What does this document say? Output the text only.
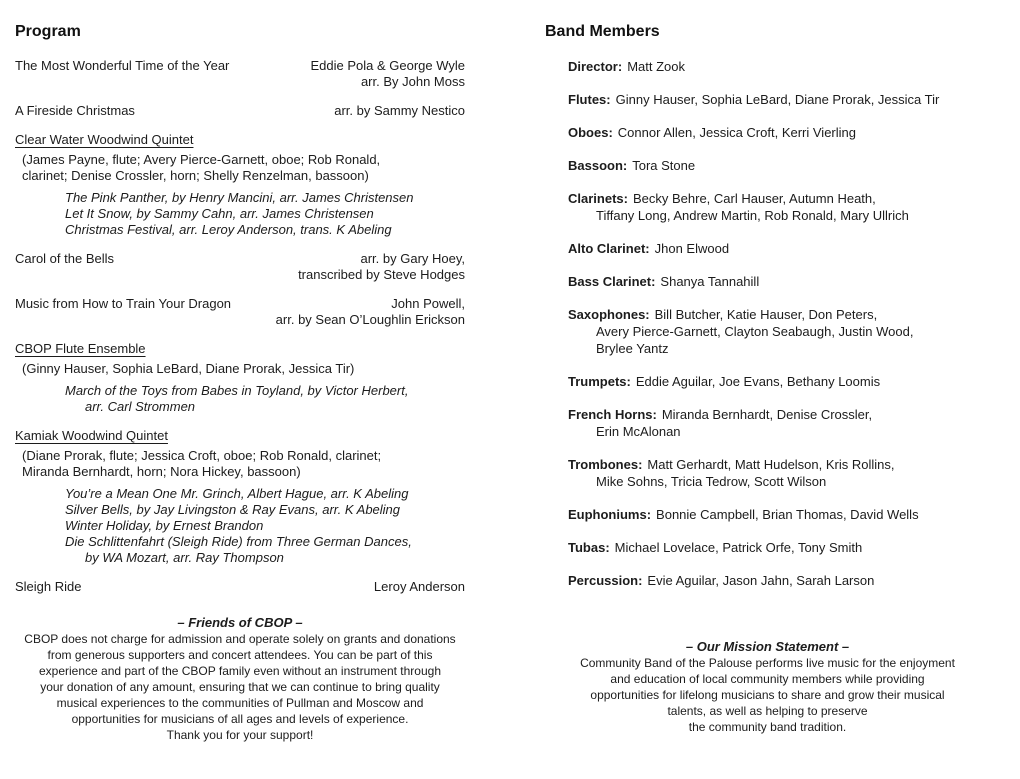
Program
The Most Wonderful Time of the Year	Eddie Pola & George Wyle
arr. By John Moss
A Fireside Christmas	arr. by Sammy Nestico
Clear Water Woodwind Quintet
(James Payne, flute; Avery Pierce-Garnett, oboe; Rob Ronald,
clarinet; Denise Crossler, horn; Shelly Renzelman, bassoon)
The Pink Panther, by Henry Mancini, arr. James Christensen
Let It Snow, by Sammy Cahn, arr. James Christensen
Christmas Festival, arr. Leroy Anderson, trans. K Abeling
Carol of the Bells	arr. by Gary Hoey,
transcribed by Steve Hodges
Music from How to Train Your Dragon	John Powell,
arr. by Sean O’Loughlin Erickson
CBOP Flute Ensemble
(Ginny Hauser, Sophia LeBard, Diane Prorak, Jessica Tir)
March of the Toys from Babes in Toyland, by Victor Herbert,
arr. Carl Strommen
Kamiak Woodwind Quintet
(Diane Prorak, flute; Jessica Croft, oboe; Rob Ronald, clarinet;
Miranda Bernhardt, horn; Nora Hickey, bassoon)
You’re a Mean One Mr. Grinch, Albert Hague, arr. K Abeling
Silver Bells, by Jay Livingston & Ray Evans, arr. K Abeling
Winter Holiday, by Ernest Brandon
Die Schlittenfahrt (Sleigh Ride) from Three German Dances,
by WA Mozart, arr. Ray Thompson
Sleigh Ride	Leroy Anderson
– Friends of CBOP –
CBOP does not charge for admission and operate solely on grants and donations
from generous supporters and concert attendees. You can be part of this
experience and part of the CBOP family even without an instrument through
your donation of any amount, ensuring that we can continue to bring quality
musical experiences to the communities of Pullman and Moscow and
opportunities for musicians of all ages and levels of experience.
Thank you for your support!
Band Members
Director: Matt Zook
Flutes: Ginny Hauser, Sophia LeBard, Diane Prorak, Jessica Tir
Oboes: Connor Allen, Jessica Croft, Kerri Vierling
Bassoon: Tora Stone
Clarinets: Becky Behre, Carl Hauser, Autumn Heath,
Tiffany Long, Andrew Martin, Rob Ronald, Mary Ullrich
Alto Clarinet: Jhon Elwood
Bass Clarinet: Shanya Tannahill
Saxophones: Bill Butcher, Katie Hauser, Don Peters,
Avery Pierce-Garnett, Clayton Seabaugh, Justin Wood,
Brylee Yantz
Trumpets: Eddie Aguilar, Joe Evans, Bethany Loomis
French Horns: Miranda Bernhardt, Denise Crossler,
Erin McAlonan
Trombones: Matt Gerhardt, Matt Hudelson, Kris Rollins,
Mike Sohns, Tricia Tedrow, Scott Wilson
Euphoniums: Bonnie Campbell, Brian Thomas, David Wells
Tubas: Michael Lovelace, Patrick Orfe, Tony Smith
Percussion: Evie Aguilar, Jason Jahn, Sarah Larson
– Our Mission Statement –
Community Band of the Palouse performs live music for the enjoyment
and education of local community members while providing
opportunities for lifelong musicians to share and grow their musical
talents, as well as helping to preserve
the community band tradition.
